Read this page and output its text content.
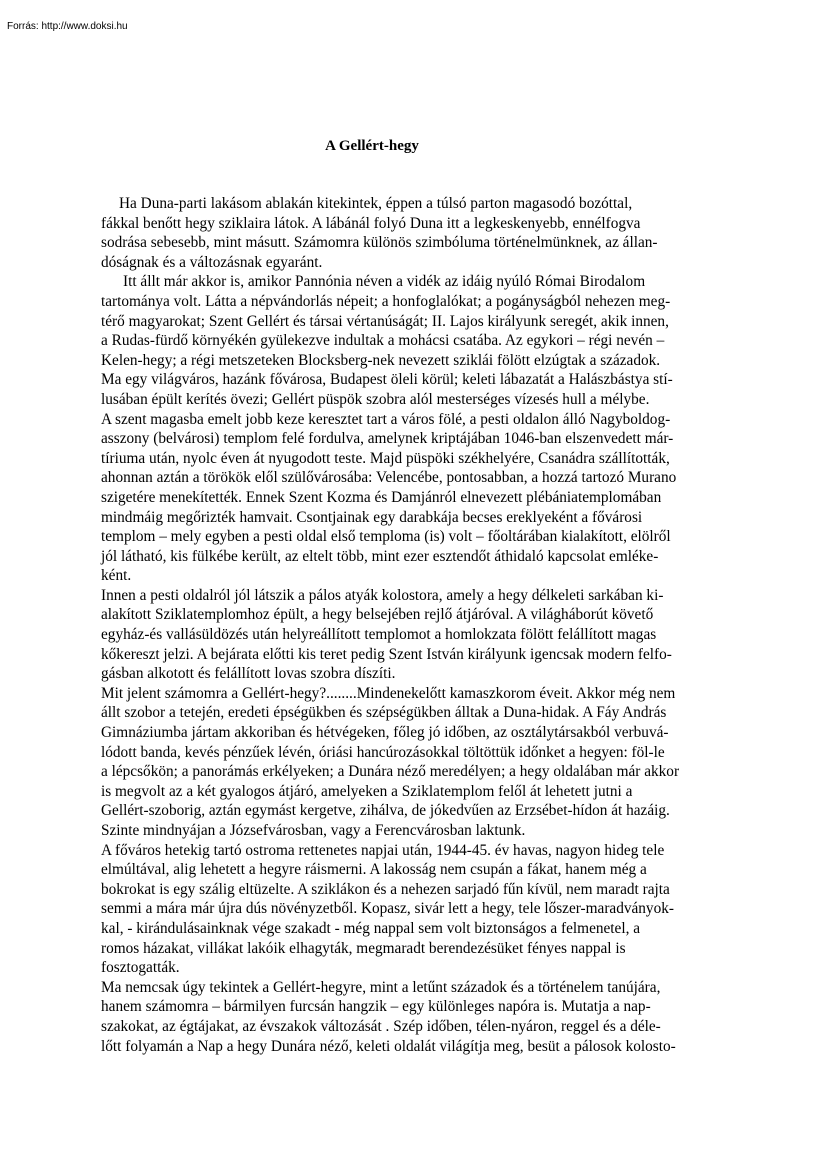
Forrás: http://www.doksi.hu
A Gellért-hegy
Ha Duna-parti lakásom ablakán kitekintek, éppen a túlsó parton magasodó bozóttal,
fákkal benőtt hegy sziklaira látok. A lábánál folyó Duna itt a legkeskenyebb, ennélfogva
sodrása sebesebb, mint másutt. Számomra különös szimbóluma történelmünknek, az állan-
dóságnak és a változásnak egyaránt.
Itt állt már akkor is, amikor Pannónia néven a vidék az idáig nyúló Római Birodalom
tartománya volt. Látta a népvándorlás népeit; a honfoglalókat; a pogányságból nehezen meg-
térő magyarokat; Szent Gellért és társai vértanúságát; II. Lajos királyunk seregét, akik innen,
a Rudas-fürdő környékén gyülekezve indultak a mohácsi csatába. Az egykori – régi nevén –
Kelen-hegy; a régi metszeteken Blocksberg-nek nevezett sziklái fölött elzúgtak a századok.
Ma egy világváros, hazánk fővárosa, Budapest öleli körül; keleti lábazatát a Halászbástya stí-
lusában épült kerítés övezi; Gellért püspök szobra alól mesterséges vízesés hull a mélybe.
A szent magasba emelt jobb keze keresztet tart a város fölé, a pesti oldalon álló Nagyboldog-
asszony (belvárosi) templom felé fordulva, amelynek kriptájában 1046-ban elszenvedett már-
tíriuma után, nyolc éven át nyugodott teste. Majd püspöki székhelyére, Csanádra szállították,
ahonnan aztán a törökök elől szülővárosába: Velencébe, pontosabban, a hozzá tartozó Murano
szigetére menekítették. Ennek Szent Kozma és Damjánról elnevezett plébániatemplomában
mindmáig megőrizték hamvait. Csontjainak egy darabkája becses ereklyeként a fővárosi
templom – mely egyben a pesti oldal első temploma (is) volt – főoltárában kialakított, elölről
jól látható, kis fülkébe került, az eltelt több, mint ezer esztendőt áthidaló kapcsolat emléke-
ként.
Innen a pesti oldalról jól látszik a pálos atyák kolostora, amely a hegy délkeleti sarkában ki-
alakított Sziklatemplomhoz épült, a hegy belsejében rejlő átjáróval. A világháborút követő
egyház-és vallásüldözés után helyreállított templomot a homlokzata fölött felállított magas
kőkereszt jelzi. A bejárata előtti kis teret pedig Szent István királyunk igencsak modern felfo-
gásban alkotott és felállított lovas szobra díszíti.
Mit jelent számomra a Gellért-hegy?........Mindenekelőtt kamaszkorom éveit. Akkor még nem
állt szobor a tetején, eredeti épségükben és szépségükben álltak a Duna-hidak. A Fáy András
Gimnáziumba jártam akkoriban és hétvégeken, főleg jó időben, az osztálytársakból verbuvá-
lódott banda, kevés pénzűek lévén, óriási hancúrozásokkal töltöttük időnket a hegyen: föl-le
a lépcsőkön; a panorámás erkélyeken; a Dunára néző meredélyen; a hegy oldalában már akkor
is megvolt az a két gyalogos átjáró, amelyeken a Sziklatemplom felől át lehetett jutni a
Gellért-szoborig, aztán egymást kergetve, zihálva, de jókedvűen az Erzsébet-hídon át hazáig.
Szinte mindnyájan a Józsefvárosban, vagy a Ferencvárosban laktunk.
A főváros hetekig tartó ostroma rettenetes napjai után, 1944-45. év havas, nagyon hideg tele
elmúltával, alig lehetett a hegyre ráismerni. A lakosság nem csupán a fákat, hanem még a
bokrokat is egy szálig eltüzelte. A sziklákon és a nehezen sarjadó fűn kívül, nem maradt rajta
semmi a mára már újra dús növényzetből. Kopasz, sivár lett a hegy, tele lőszer-maradványok-
kal, - kirándulásainknak vége szakadt - még nappal sem volt biztonságos a felmenetel, a
romos házakat, villákat lakóik elhagyták, megmaradt berendezésüket fényes nappal is
fosztogatták.
Ma nemcsak úgy tekintek a Gellért-hegyre, mint a letűnt századok és a történelem tanújára,
hanem számomra – bármilyen furcsán hangzik – egy különleges napóra is. Mutatja a nap-
szakokat, az égtájakat, az évszakok változását . Szép időben, télen-nyáron, reggel és a déle-
lőtt folyamán a Nap a hegy Dunára néző, keleti oldalát világítja meg, besüt a pálosok kolosto-
